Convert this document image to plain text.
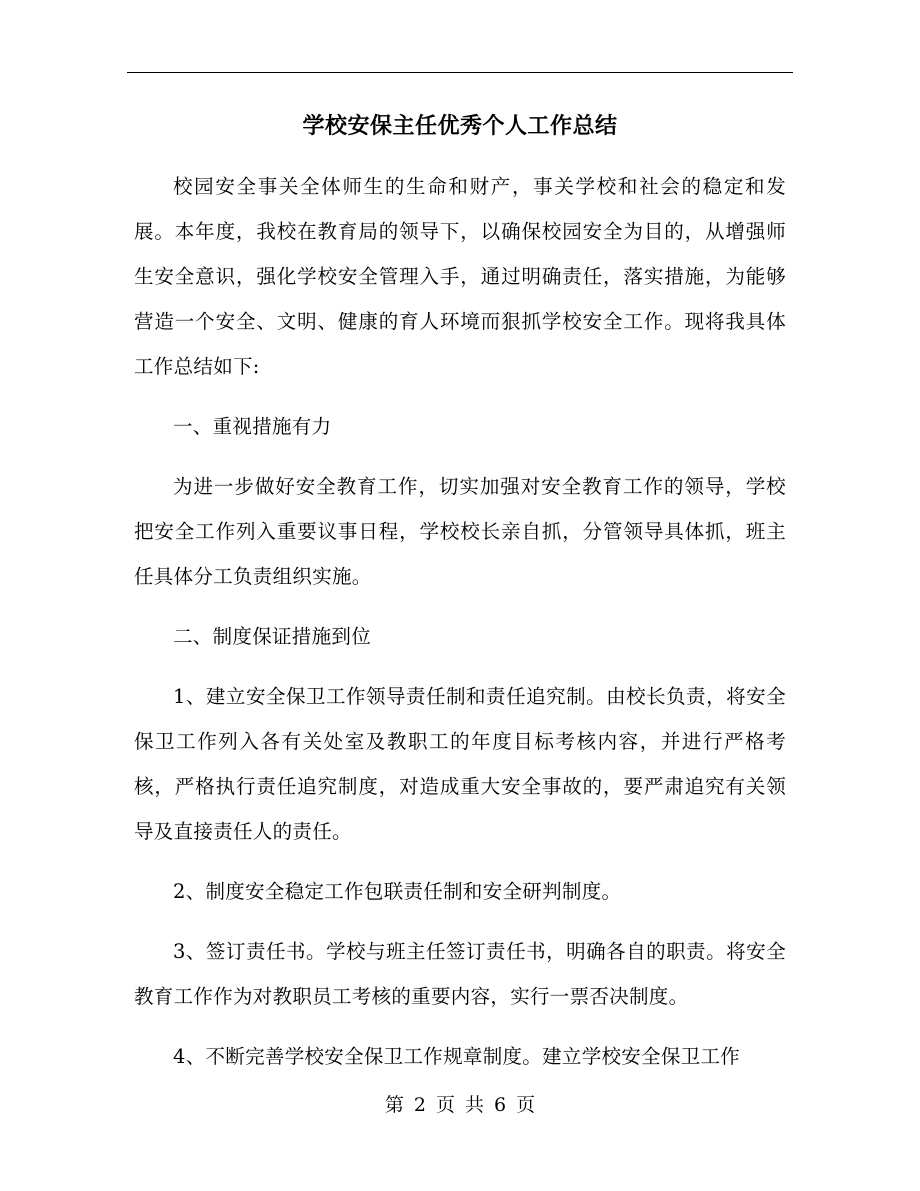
学校安保主任优秀个人工作总结

校园安全事关全体师生的生命和财产，事关学校和社会的稳定和发展。本年度，我校在教育局的领导下，以确保校园安全为目的，从增强师生安全意识，强化学校安全管理入手，通过明确责任，落实措施，为能够营造一个安全、文明、健康的育人环境而狠抓学校安全工作。现将我具体工作总结如下:

一、重视措施有力

为进一步做好安全教育工作，切实加强对安全教育工作的领导，学校把安全工作列入重要议事日程，学校校长亲自抓，分管领导具体抓，班主任具体分工负责组织实施。

二、制度保证措施到位

1、建立安全保卫工作领导责任制和责任追究制。由校长负责，将安全保卫工作列入各有关处室及教职工的年度目标考核内容，并进行严格考核，严格执行责任追究制度，对造成重大安全事故的，要严肃追究有关领导及直接责任人的责任。

2、制度安全稳定工作包联责任制和安全研判制度。

3、签订责任书。学校与班主任签订责任书，明确各自的职责。将安全教育工作作为对教职员工考核的重要内容，实行一票否决制度。

4、不断完善学校安全保卫工作规章制度。建立学校安全保卫工作

第 2 页 共 6 页
